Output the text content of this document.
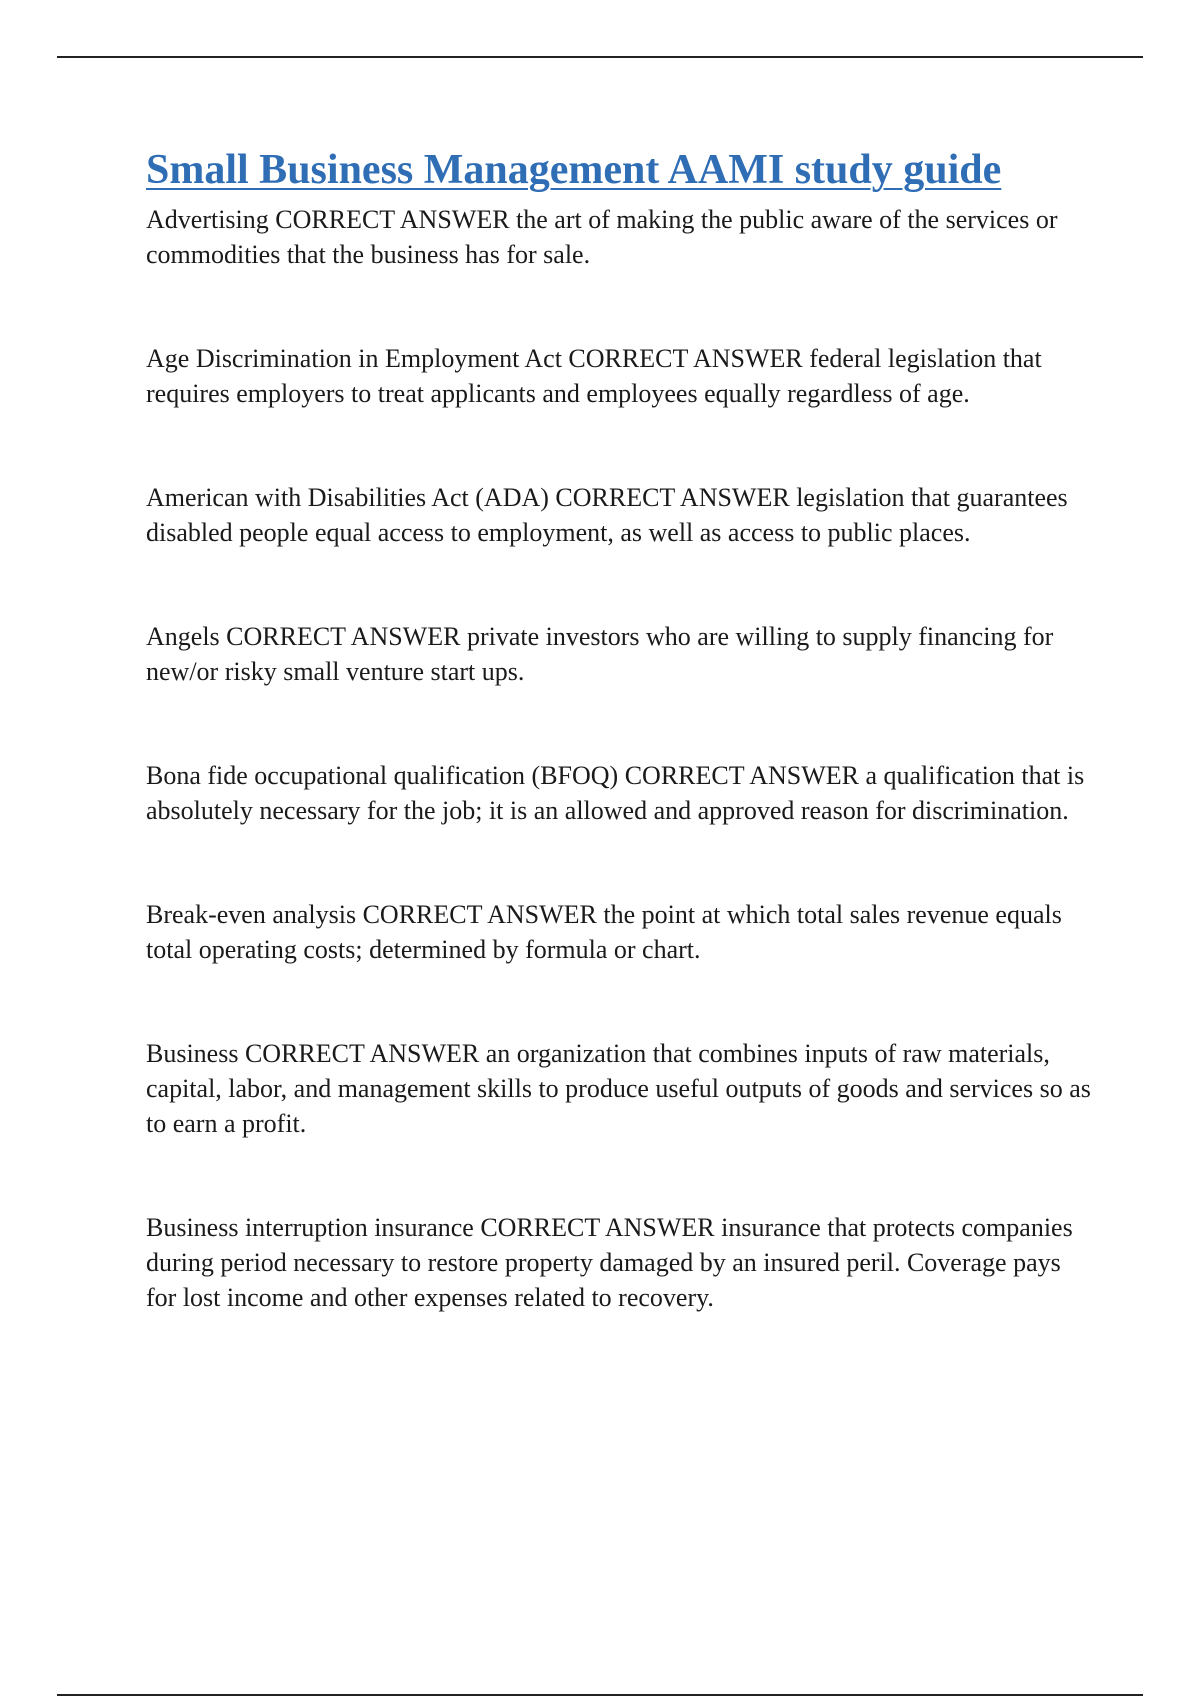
Small Business Management AAMI study guide

Advertising CORRECT ANSWER the art of making the public aware of the services or commodities that the business has for sale.

Age Discrimination in Employment Act CORRECT ANSWER federal legislation that requires employers to treat applicants and employees equally regardless of age.

American with Disabilities Act (ADA) CORRECT ANSWER legislation that guarantees disabled people equal access to employment, as well as access to public places.

Angels CORRECT ANSWER private investors who are willing to supply financing for new/or risky small venture start ups.

Bona fide occupational qualification (BFOQ) CORRECT ANSWER a qualification that is absolutely necessary for the job; it is an allowed and approved reason for discrimination.

Break-even analysis CORRECT ANSWER the point at which total sales revenue equals total operating costs; determined by formula or chart.

Business CORRECT ANSWER an organization that combines inputs of raw materials, capital, labor, and management skills to produce useful outputs of goods and services so as to earn a profit.

Business interruption insurance CORRECT ANSWER insurance that protects companies during period necessary to restore property damaged by an insured peril. Coverage pays for lost income and other expenses related to recovery.
